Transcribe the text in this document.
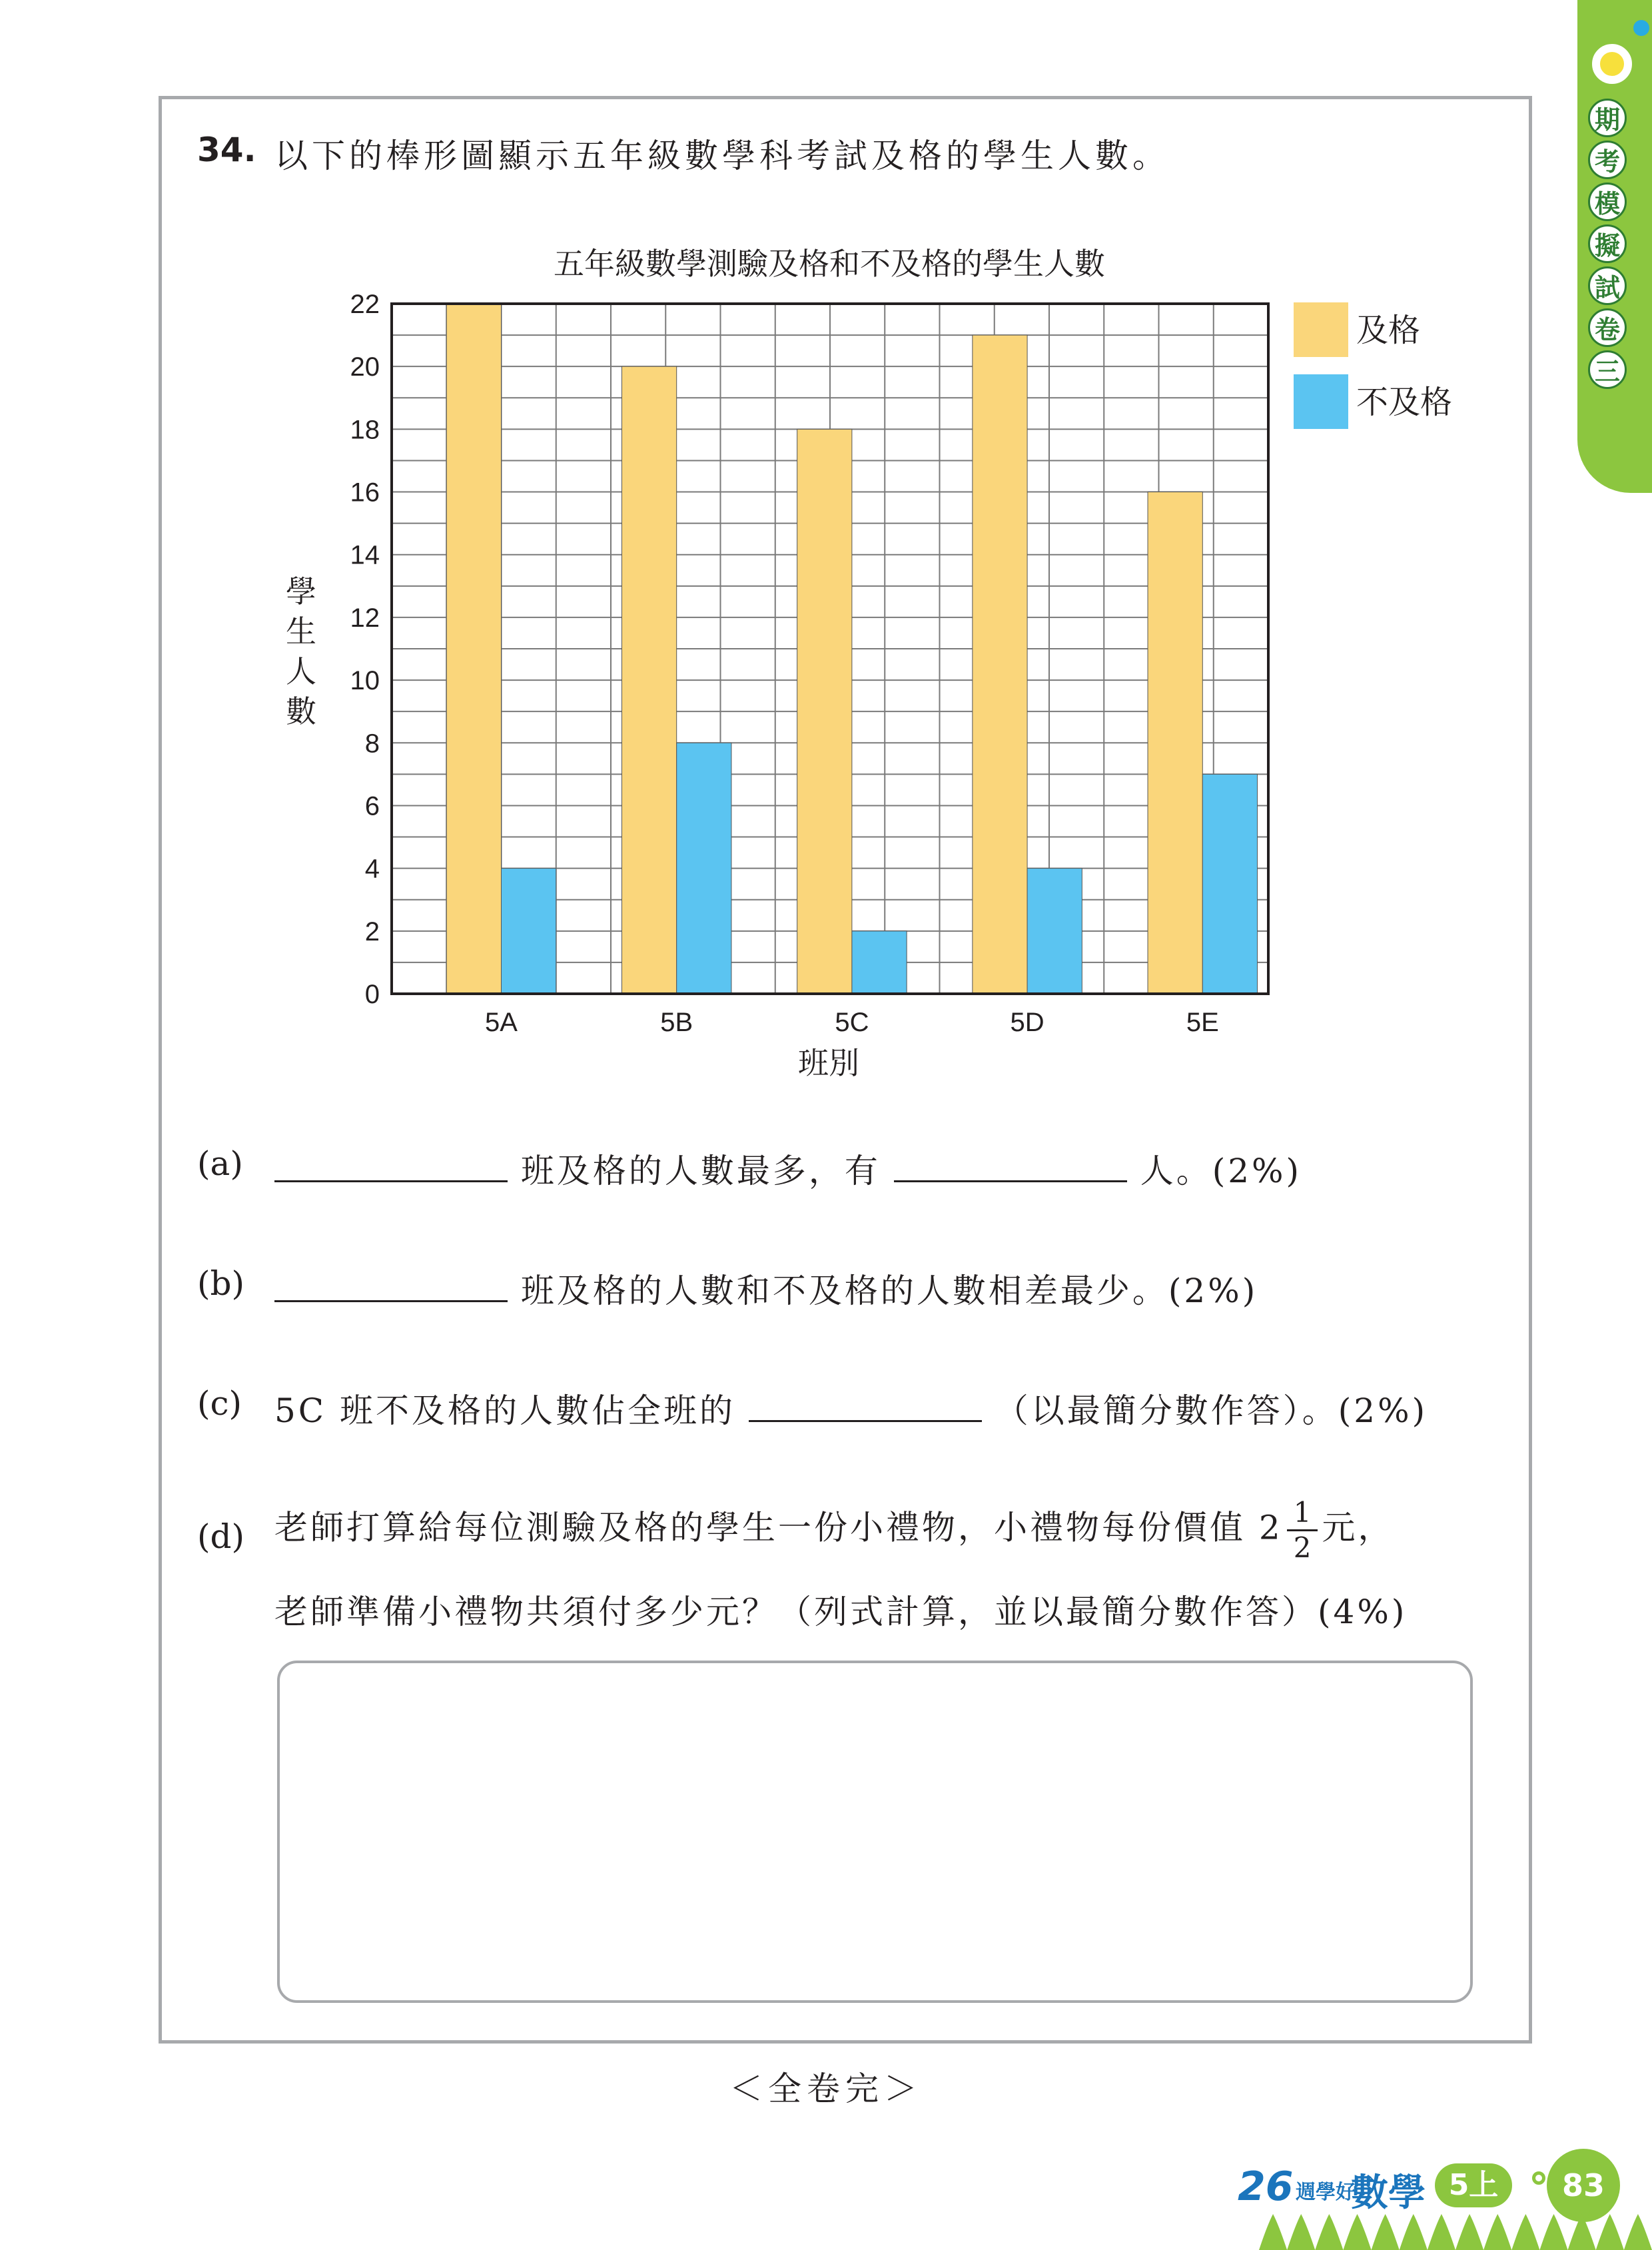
期
考
模
擬
試
卷
三
34. 以下的棒形圖顯示五年級數學科考試及格的學生人數。
五年級數學測驗及格和不及格的學生人數
0
2
4
6
8
10
12
14
16
18
20
22
5A	5B	5C	5D	5E
班別
學
生
人
數
及格
不及格
(a)	班及格的人數最多，有	人。(2%)
(b)	班及格的人數和不及格的人數相差最少。(2%)
(c) 5C 班不及格的人數佔全班的	（以最簡分數作答）。(2%)
(d) 老師打算給每位測驗及格的學生一份小禮物，小禮物每份價值 $2 \frac{1}{2}$ 元，
老師準備小禮物共須付多少元？（列式計算，並以最簡分數作答）(4%)
＜全卷完＞
26 週學好
數學 5上	83
